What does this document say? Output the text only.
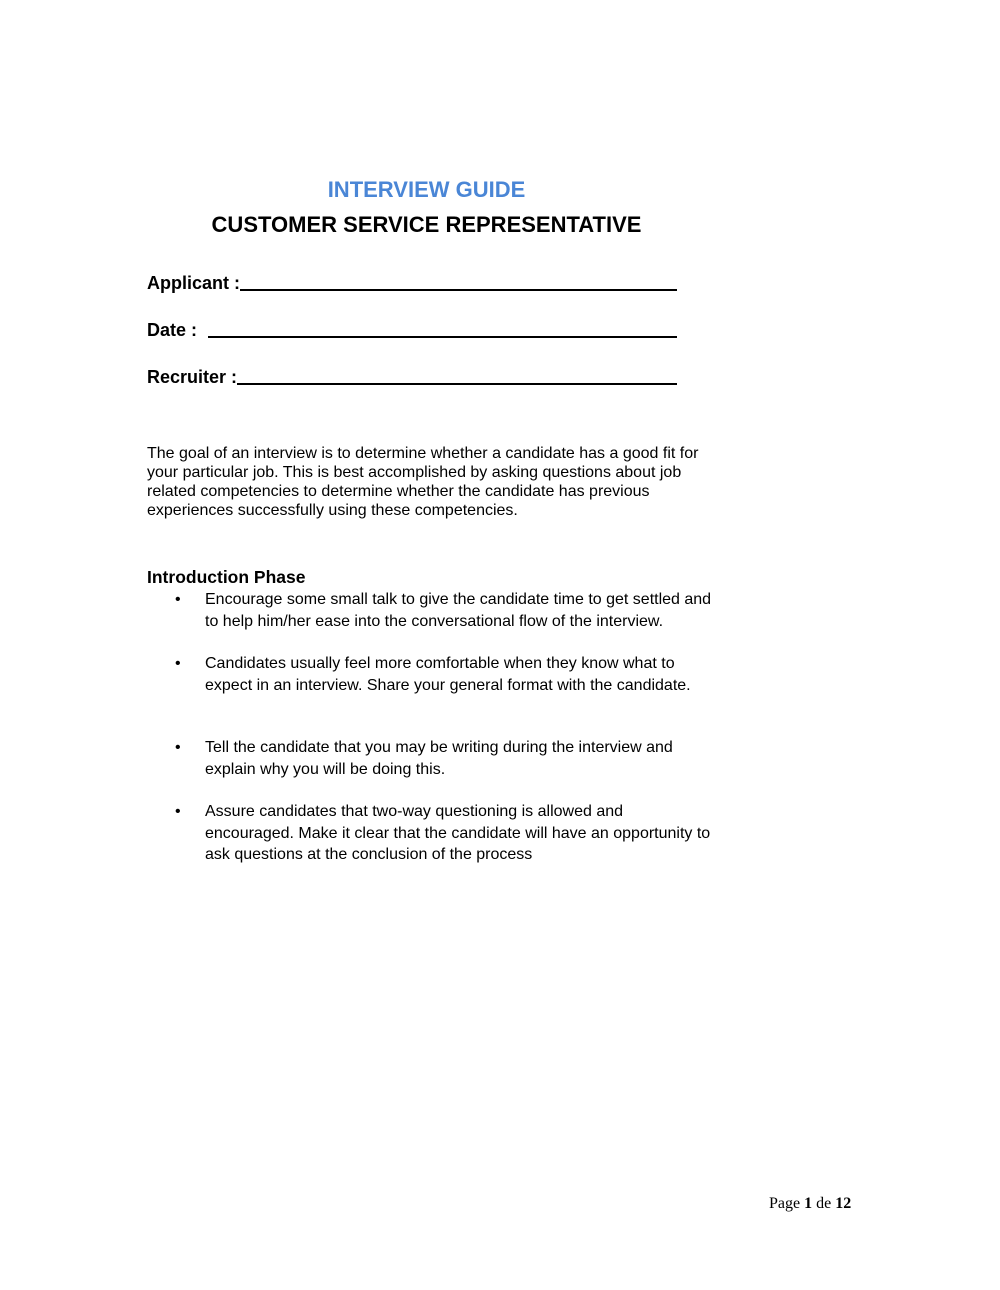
INTERVIEW GUIDE
CUSTOMER SERVICE REPRESENTATIVE
Applicant :
Date :
Recruiter :
The goal of an interview is to determine whether a candidate has a good fit for your particular job. This is best accomplished by asking questions about job related competencies to determine whether the candidate has previous experiences successfully using these competencies.
Introduction Phase
•	Encourage some small talk to give the candidate time to get settled and to help him/her ease into the conversational flow of the interview.
•	Candidates usually feel more comfortable when they know what to expect in an interview. Share your general format with the candidate.
•	Tell the candidate that you may be writing during the interview and explain why you will be doing this.
•	Assure candidates that two-way questioning is allowed and encouraged. Make it clear that the candidate will have an opportunity to ask questions at the conclusion of the process
Page 1 de 12
